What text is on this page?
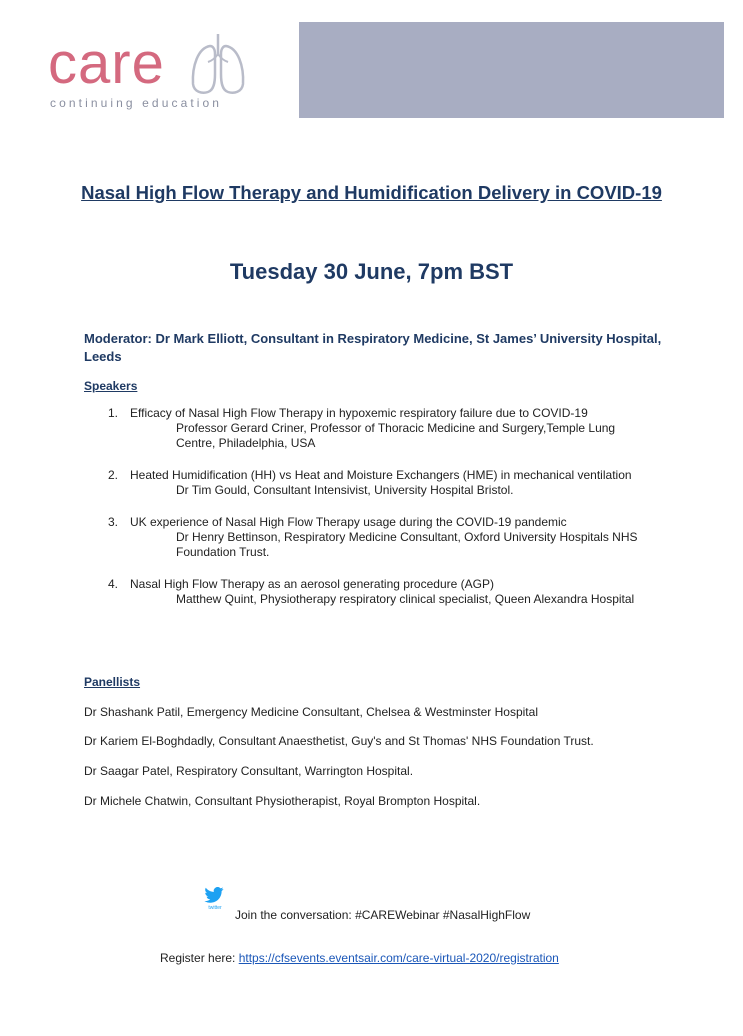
care
continuing education
Nasal High Flow Therapy and Humidification Delivery in COVID-19
Tuesday 30 June, 7pm BST
Moderator: Dr Mark Elliott, Consultant in Respiratory Medicine, St James’ University Hospital, Leeds
Speakers
1. Efficacy of Nasal High Flow Therapy in hypoxemic respiratory failure due to COVID-19
Professor Gerard Criner, Professor of Thoracic Medicine and Surgery,Temple Lung Centre, Philadelphia, USA
2. Heated Humidification (HH) vs Heat and Moisture Exchangers (HME) in mechanical ventilation
Dr Tim Gould, Consultant Intensivist, University Hospital Bristol.
3. UK experience of Nasal High Flow Therapy usage during the COVID-19 pandemic
Dr Henry Bettinson, Respiratory Medicine Consultant, Oxford University Hospitals NHS Foundation Trust.
4. Nasal High Flow Therapy as an aerosol generating procedure (AGP)
Matthew Quint, Physiotherapy respiratory clinical specialist, Queen Alexandra Hospital
Panellists
Dr Shashank Patil, Emergency Medicine Consultant, Chelsea & Westminster Hospital
Dr Kariem El-Boghdadly, Consultant Anaesthetist, Guy's and St Thomas' NHS Foundation Trust.
Dr Saagar Patel, Respiratory Consultant, Warrington Hospital.
Dr Michele Chatwin, Consultant Physiotherapist, Royal Brompton Hospital.
twitter	Join the conversation: #CAREWebinar #NasalHighFlow
Register here: https://cfsevents.eventsair.com/care-virtual-2020/registration
